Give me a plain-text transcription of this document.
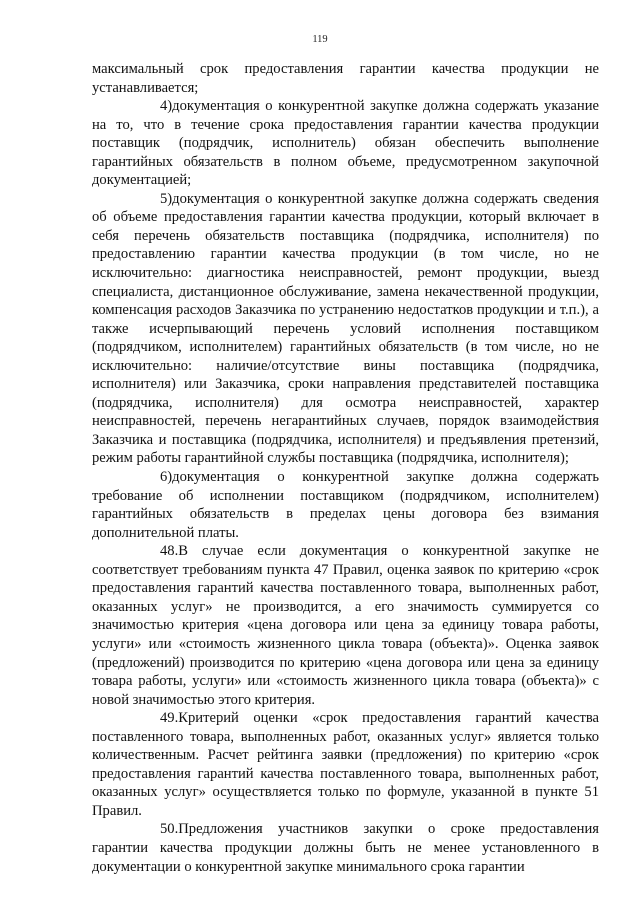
119

максимальный срок предоставления гарантии качества продукции не устанавливается;

4)документация о конкурентной закупке должна содержать указание на то, что в течение срока предоставления гарантии качества продукции поставщик (подрядчик, исполнитель) обязан обеспечить выполнение гарантийных обязательств в полном объеме, предусмотренном закупочной документацией;

5)документация о конкурентной закупке должна содержать сведения об объеме предоставления гарантии качества продукции, который включает в себя перечень обязательств поставщика (подрядчика, исполнителя) по предоставлению гарантии качества продукции (в том числе, но не исключительно: диагностика неисправностей, ремонт продукции, выезд специалиста, дистанционное обслуживание, замена некачественной продукции, компенсация расходов Заказчика по устранению недостатков продукции и т.п.), а также исчерпывающий перечень условий исполнения поставщиком (подрядчиком, исполнителем) гарантийных обязательств (в том числе, но не исключительно: наличие/отсутствие вины поставщика (подрядчика, исполнителя) или Заказчика, сроки направления представителей поставщика (подрядчика, исполнителя) для осмотра неисправностей, характер неисправностей, перечень негарантийных случаев, порядок взаимодействия Заказчика и поставщика (подрядчика, исполнителя) и предъявления претензий, режим работы гарантийной службы поставщика (подрядчика, исполнителя);

6)документация о конкурентной закупке должна содержать требование об исполнении поставщиком (подрядчиком, исполнителем) гарантийных обязательств в пределах цены договора без взимания дополнительной платы.

48.В случае если документация о конкурентной закупке не соответствует требованиям пункта 47 Правил, оценка заявок по критерию «срок предоставления гарантий качества поставленного товара, выполненных работ, оказанных услуг» не производится, а его значимость суммируется со значимостью критерия «цена договора или цена за единицу товара работы, услуги» или «стоимость жизненного цикла товара (объекта)». Оценка заявок (предложений) производится по критерию «цена договора или цена за единицу товара работы, услуги» или «стоимость жизненного цикла товара (объекта)» с новой значимостью этого критерия.

49.Критерий оценки «срок предоставления гарантий качества поставленного товара, выполненных работ, оказанных услуг» является только количественным. Расчет рейтинга заявки (предложения) по критерию «срок предоставления гарантий качества поставленного товара, выполненных работ, оказанных услуг» осуществляется только по формуле, указанной в пункте 51 Правил.

50.Предложения участников закупки о сроке предоставления гарантии качества продукции должны быть не менее установленного в документации о конкурентной закупке минимального срока гарантии
